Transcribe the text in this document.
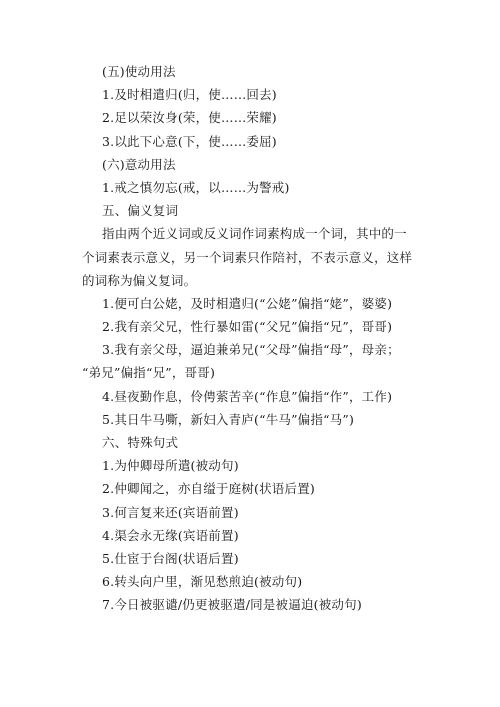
(五)使动用法
1.及时相遣归(归，使……回去)
2.足以荣汝身(荣，使……荣耀)
3.以此下心意(下，使……委屈)
(六)意动用法
1.戒之慎勿忘(戒，以……为警戒)
五、偏义复词
指由两个近义词或反义词作词素构成一个词，其中的一
个词素表示意义，另一个词素只作陪衬，不表示意义，这样
的词称为偏义复词。
1.便可白公姥，及时相遣归(“公姥”偏指“姥”，婆婆)
2.我有亲父兄，性行暴如雷(“父兄”偏指“兄”，哥哥)
3.我有亲父母，逼迫兼弟兄(“父母”偏指“母”，母亲；
“弟兄”偏指“兄”，哥哥)
4.昼夜勤作息，伶俜萦苦辛(“作息”偏指“作”，工作)
5.其日牛马嘶，新妇入青庐(“牛马”偏指“马”)
六、特殊句式
1.为仲卿母所遣(被动句)
2.仲卿闻之，亦自缢于庭树(状语后置)
3.何言复来还(宾语前置)
4.渠会永无缘(宾语前置)
5.仕宦于台阁(状语后置)
6.转头向户里，渐见愁煎迫(被动句)
7.今日被驱谴/仍更被驱遣/同是被逼迫(被动句)
